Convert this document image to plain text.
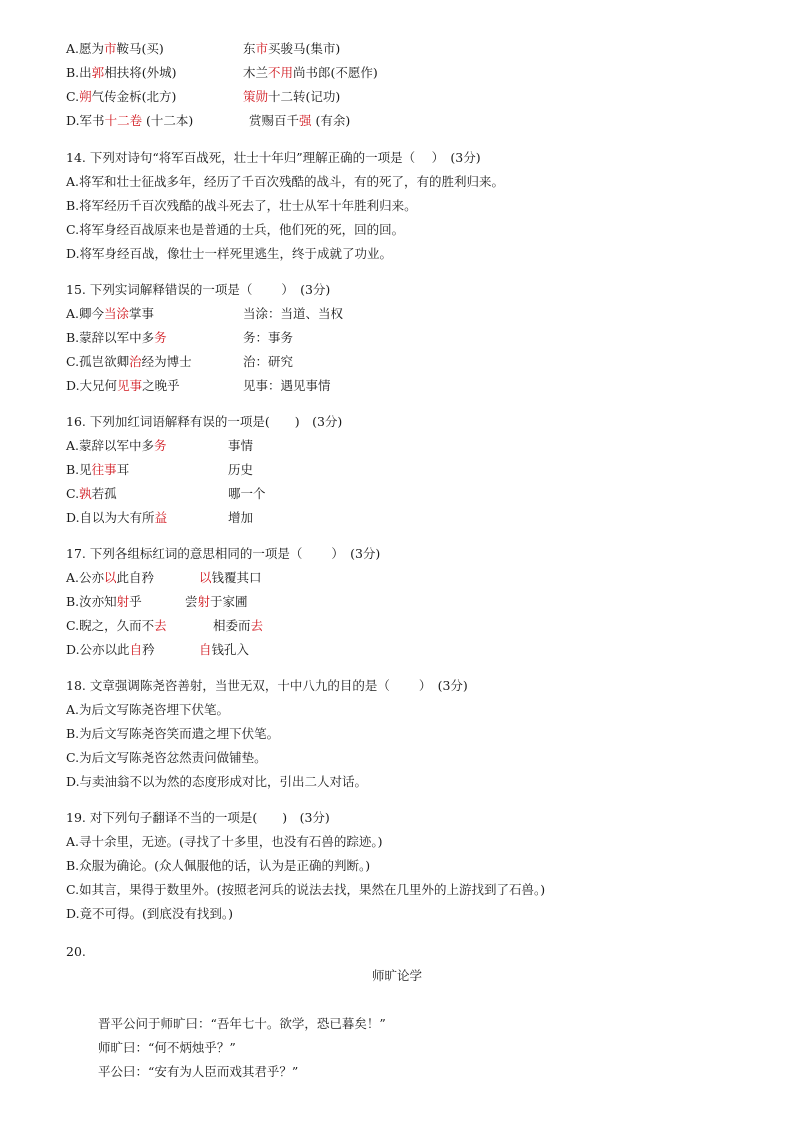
A.愿为市鞍马(买)	东市买骏马(集市)
B.出郭相扶将(外城)	木兰不用尚书郎(不愿作)
C.朔气传金柝(北方)	策勋十二转(记功)
D.军书十二卷 (十二本)	赏赐百千强 (有余)
14. 下列对诗句“将军百战死，壮士十年归”理解正确的一项是（　 ）　(3分)
A.将军和壮士征战多年，经历了千百次残酷的战斗，有的死了，有的胜利归来。
B.将军经历千百次残酷的战斗死去了，壮士从军十年胜利归来。
C.将军身经百战原来也是普通的士兵，他们死的死，回的回。
D.将军身经百战，像壮士一样死里逃生，终于成就了功业。
15. 下列实词解释错误的一项是（　　 ）　(3分)
A.卿今当涂掌事	当涂：当道、当权
B.蒙辞以军中多务	务：事务
C.孤岂欲卿治经为博士	治：研究
D.大兄何见事之晚乎	见事：遇见事情
16. 下列加红词语解释有误的一项是(　　)　(3分)
A.蒙辞以军中多务	事情
B.见往事耳	历史
C.孰若孤	哪一个
D.自以为大有所益	增加
17. 下列各组标红词的意思相同的一项是（　　 ）　(3分)
A.公亦以此自矜	以钱覆其口
B.汝亦知射乎	尝射于家圃
C.睨之，久而不去	相委而去
D.公亦以此自矜	自钱孔入
18. 文章强调陈尧咨善射，当世无双，十中八九的目的是（　　 ）　(3分)
A.为后文写陈尧咨埋下伏笔。
B.为后文写陈尧咨笑而遣之埋下伏笔。
C.为后文写陈尧咨忿然责问做铺垫。
D.与卖油翁不以为然的态度形成对比，引出二人对话。
19. 对下列句子翻译不当的一项是(　　)　(3分)
A.寻十余里，无迹。(寻找了十多里，也没有石兽的踪迹。)
B.众服为确论。(众人佩服他的话，认为是正确的判断。)
C.如其言，果得于数里外。(按照老河兵的说法去找，果然在几里外的上游找到了石兽。)
D.竟不可得。(到底没有找到。)
20.
师旷论学
晋平公问于师旷曰：“吾年七十。欲学，恐已暮矣！”
师旷曰：“何不炳烛乎？”
平公曰：“安有为人臣而戏其君乎？”
